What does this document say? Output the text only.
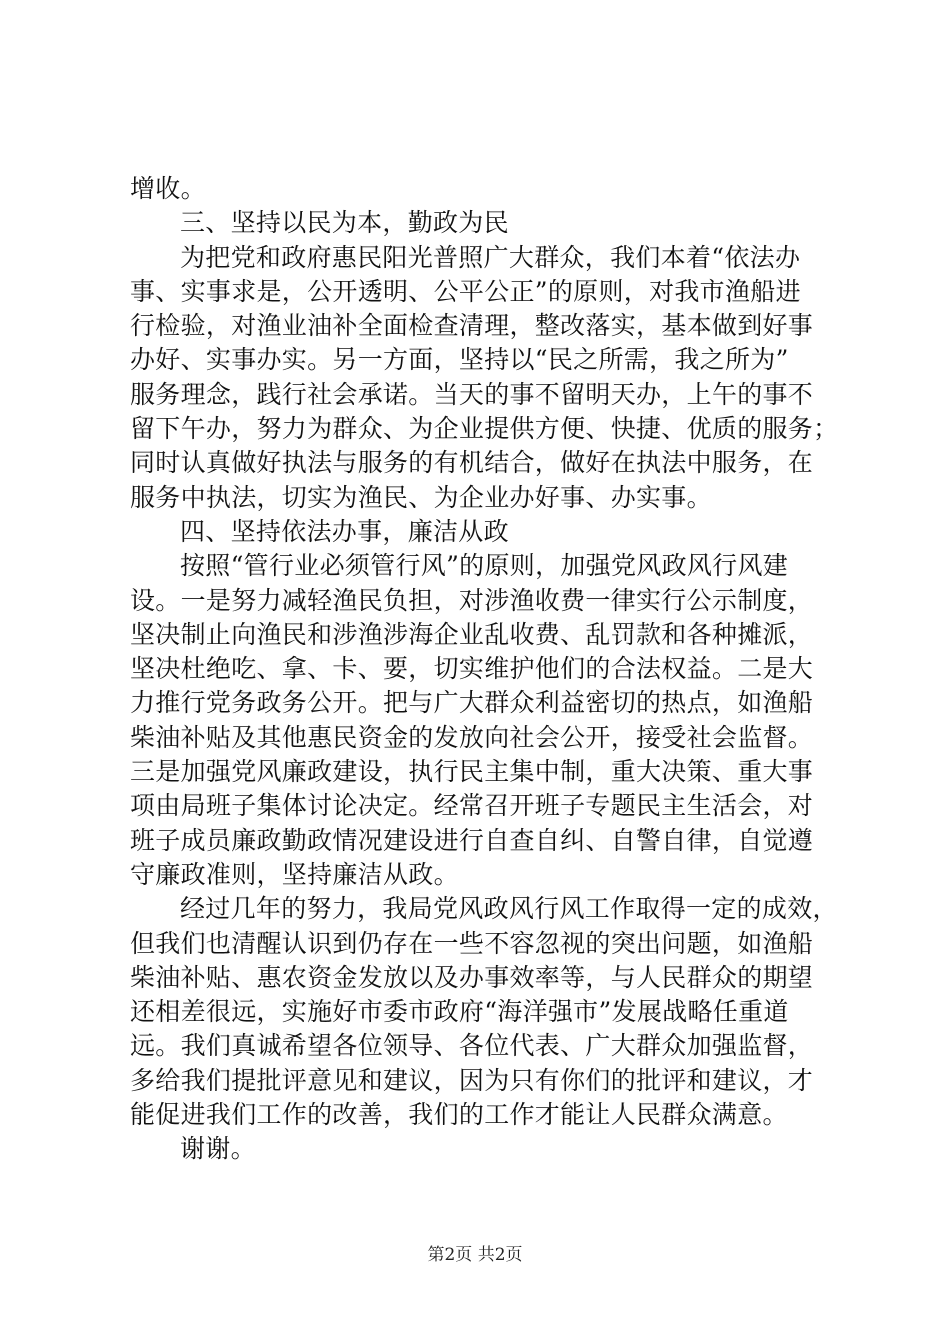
增收。
三、坚持以民为本，勤政为民
为把党和政府惠民阳光普照广大群众，我们本着“依法办
事、实事求是，公开透明、公平公正”的原则，对我市渔船进
行检验，对渔业油补全面检查清理，整改落实，基本做到好事
办好、实事办实。另一方面，坚持以“民之所需，我之所为”
服务理念，践行社会承诺。当天的事不留明天办，上午的事不
留下午办，努力为群众、为企业提供方便、快捷、优质的服务；
同时认真做好执法与服务的有机结合，做好在执法中服务，在
服务中执法，切实为渔民、为企业办好事、办实事。
四、坚持依法办事，廉洁从政
按照“管行业必须管行风”的原则，加强党风政风行风建
设。一是努力减轻渔民负担，对涉渔收费一律实行公示制度，
坚决制止向渔民和涉渔涉海企业乱收费、乱罚款和各种摊派，
坚决杜绝吃、拿、卡、要，切实维护他们的合法权益。二是大
力推行党务政务公开。把与广大群众利益密切的热点，如渔船
柴油补贴及其他惠民资金的发放向社会公开，接受社会监督。
三是加强党风廉政建设，执行民主集中制，重大决策、重大事
项由局班子集体讨论决定。经常召开班子专题民主生活会，对
班子成员廉政勤政情况建设进行自查自纠、自警自律，自觉遵
守廉政准则，坚持廉洁从政。
经过几年的努力，我局党风政风行风工作取得一定的成效，
但我们也清醒认识到仍存在一些不容忽视的突出问题，如渔船
柴油补贴、惠农资金发放以及办事效率等，与人民群众的期望
还相差很远，实施好市委市政府“海洋强市”发展战略任重道
远。我们真诚希望各位领导、各位代表、广大群众加强监督，
多给我们提批评意见和建议，因为只有你们的批评和建议，才
能促进我们工作的改善，我们的工作才能让人民群众满意。
谢谢。
第2页 共2页
